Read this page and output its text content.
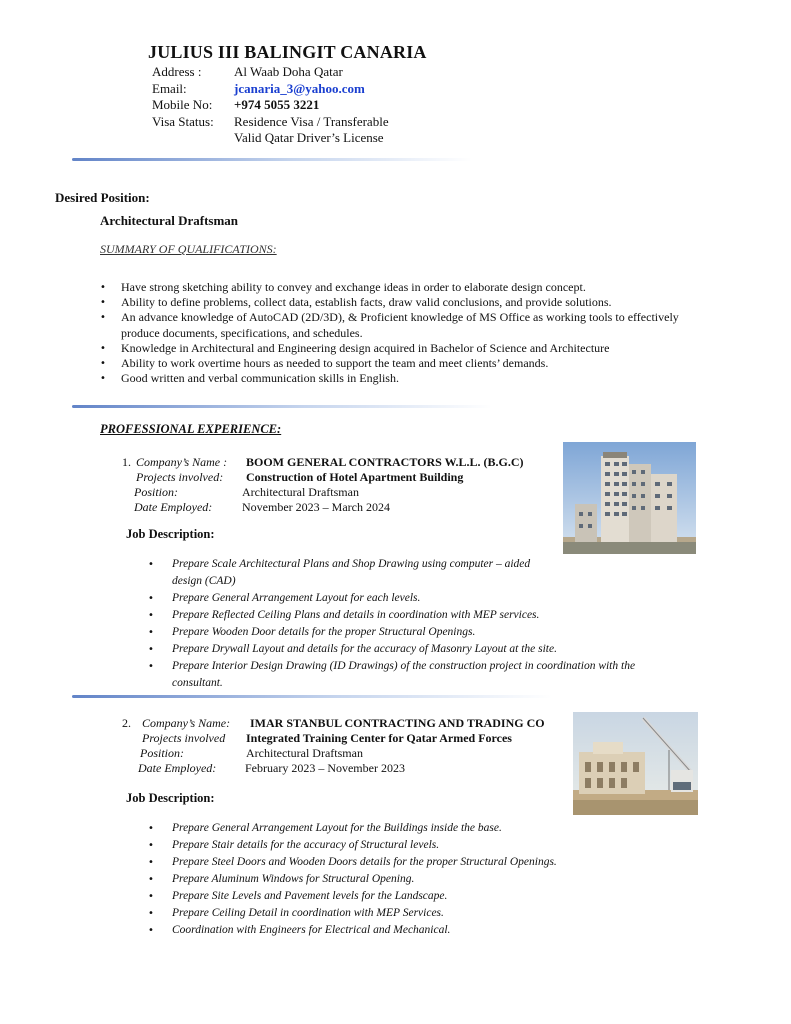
JULIUS III BALINGIT CANARIA
Address :	Al Waab Doha Qatar
Email:	jcanaria_3@yahoo.com
Mobile No:	+974 5055 3221
Visa Status:	Residence Visa / Transferable
Valid Qatar Driver’s License
Desired Position:
Architectural Draftsman
SUMMARY OF QUALIFICATIONS:
•	Have strong sketching ability to convey and exchange ideas in order to elaborate design concept.
•	Ability to define problems, collect data, establish facts, draw valid conclusions, and provide solutions.
•	An advance knowledge of AutoCAD (2D/3D), & Proficient knowledge of MS Office as working tools to effectively produce documents, specifications, and schedules.
•	Knowledge in Architectural and Engineering design acquired in Bachelor of Science and Architecture
•	Ability to work overtime hours as needed to support the team and meet clients’ demands.
•	Good written and verbal communication skills in English.
PROFESSIONAL EXPERIENCE:
1. Company’s Name :	BOOM GENERAL CONTRACTORS W.L.L. (B.G.C)
Projects involved:	Construction of Hotel Apartment Building
Position:	Architectural Draftsman
Date Employed:	November 2023 – March 2024
Job Description:
•	Prepare Scale Architectural Plans and Shop Drawing using computer – aided design (CAD)
•	Prepare General Arrangement Layout for each levels.
•	Prepare Reflected Ceiling Plans and details in coordination with MEP services.
•	Prepare Wooden Door details for the proper Structural Openings.
•	Prepare Drywall Layout and details for the accuracy of Masonry Layout at the site.
•	Prepare Interior Design Drawing (ID Drawings) of the construction project in coordination with the consultant.
2. Company’s Name:	IMAR STANBUL CONTRACTING AND TRADING CO
Projects involved	Integrated Training Center for Qatar Armed Forces
Position:	Architectural Draftsman
Date Employed:	February 2023 – November 2023
Job Description:
•	Prepare General Arrangement Layout for the Buildings inside the base.
•	Prepare Stair details for the accuracy of Structural levels.
•	Prepare Steel Doors and Wooden Doors details for the proper Structural Openings.
•	Prepare Aluminum Windows for Structural Opening.
•	Prepare Site Levels and Pavement levels for the Landscape.
•	Prepare Ceiling Detail in coordination with MEP Services.
•	Coordination with Engineers for Electrical and Mechanical.
